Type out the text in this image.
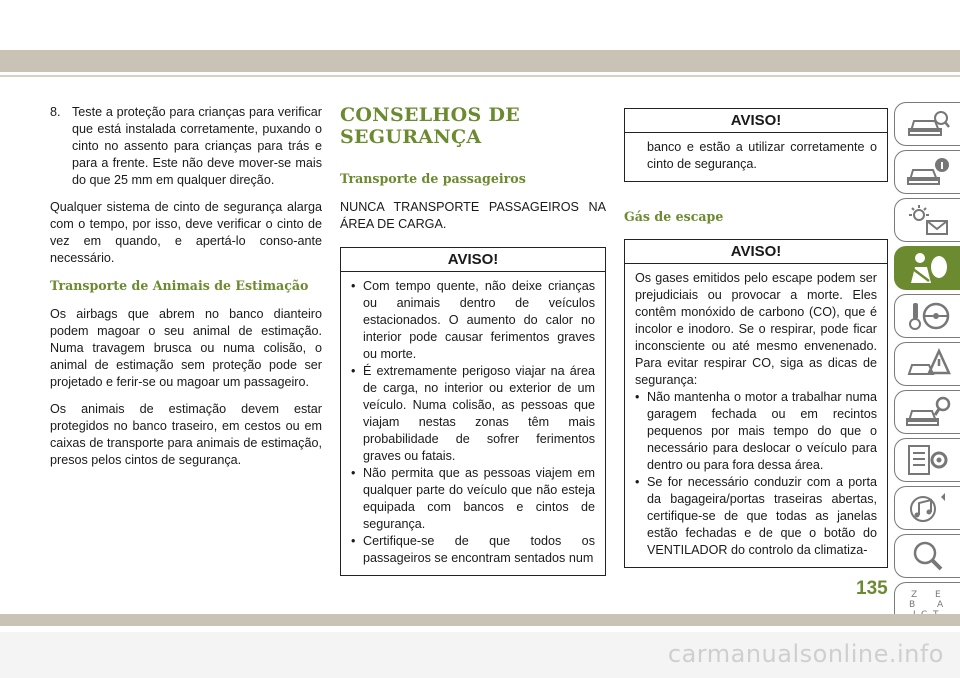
8. Teste a proteção para crianças para verificar que está instalada corretamente, puxando o cinto no assento para crianças para trás e para a frente. Este não deve mover-se mais do que 25 mm em qualquer direção.

Qualquer sistema de cinto de segurança alarga com o tempo, por isso, deve verificar o cinto de vez em quando, e apertá-lo conso-ante necessário.

Transporte de Animais de Estimação

Os airbags que abrem no banco dianteiro podem magoar o seu animal de estimação. Numa travagem brusca ou numa colisão, o animal de estimação sem proteção pode ser projetado e ferir-se ou magoar um passageiro.

Os animais de estimação devem estar protegidos no banco traseiro, em cestos ou em caixas de transporte para animais de estimação, presos pelos cintos de segurança.

CONSELHOS DE
SEGURANÇA
Transporte de passageiros

NUNCA TRANSPORTE PASSAGEIROS NA ÁREA DE CARGA.

AVISO!
• Com tempo quente, não deixe crianças ou animais dentro de veículos estacionados. O aumento do calor no interior pode causar ferimentos graves ou morte.
• É extremamente perigoso viajar na área de carga, no interior ou exterior de um veículo. Numa colisão, as pessoas que viajam nestas zonas têm mais probabilidade de sofrer ferimentos graves ou fatais.
• Não permita que as pessoas viajem em qualquer parte do veículo que não esteja equipada com bancos e cintos de segurança.
• Certifique-se de que todos os passageiros se encontram sentados num
AVISO!

banco e estão a utilizar corretamente o cinto de segurança.

Gás de escape
AVISO!

Os gases emitidos pelo escape podem ser prejudiciais ou provocar a morte. Eles contêm monóxido de carbono (CO), que é incolor e inodoro. Se o respirar, pode ficar inconsciente ou até mesmo envenenado. Para evitar respirar CO, siga as dicas de segurança:

• Não mantenha o motor a trabalhar numa garagem fechada ou em recintos pequenos por mais tempo do que o necessário para deslocar o veículo para dentro ou para fora dessa área.
• Se for necessário conduzir com a porta da bagageira/portas traseiras abertas, certifique-se de que todas as janelas estão fechadas e de que o botão do VENTILADOR do controlo da climatiza-
Z E
B A
135
carmanualsonline.info
